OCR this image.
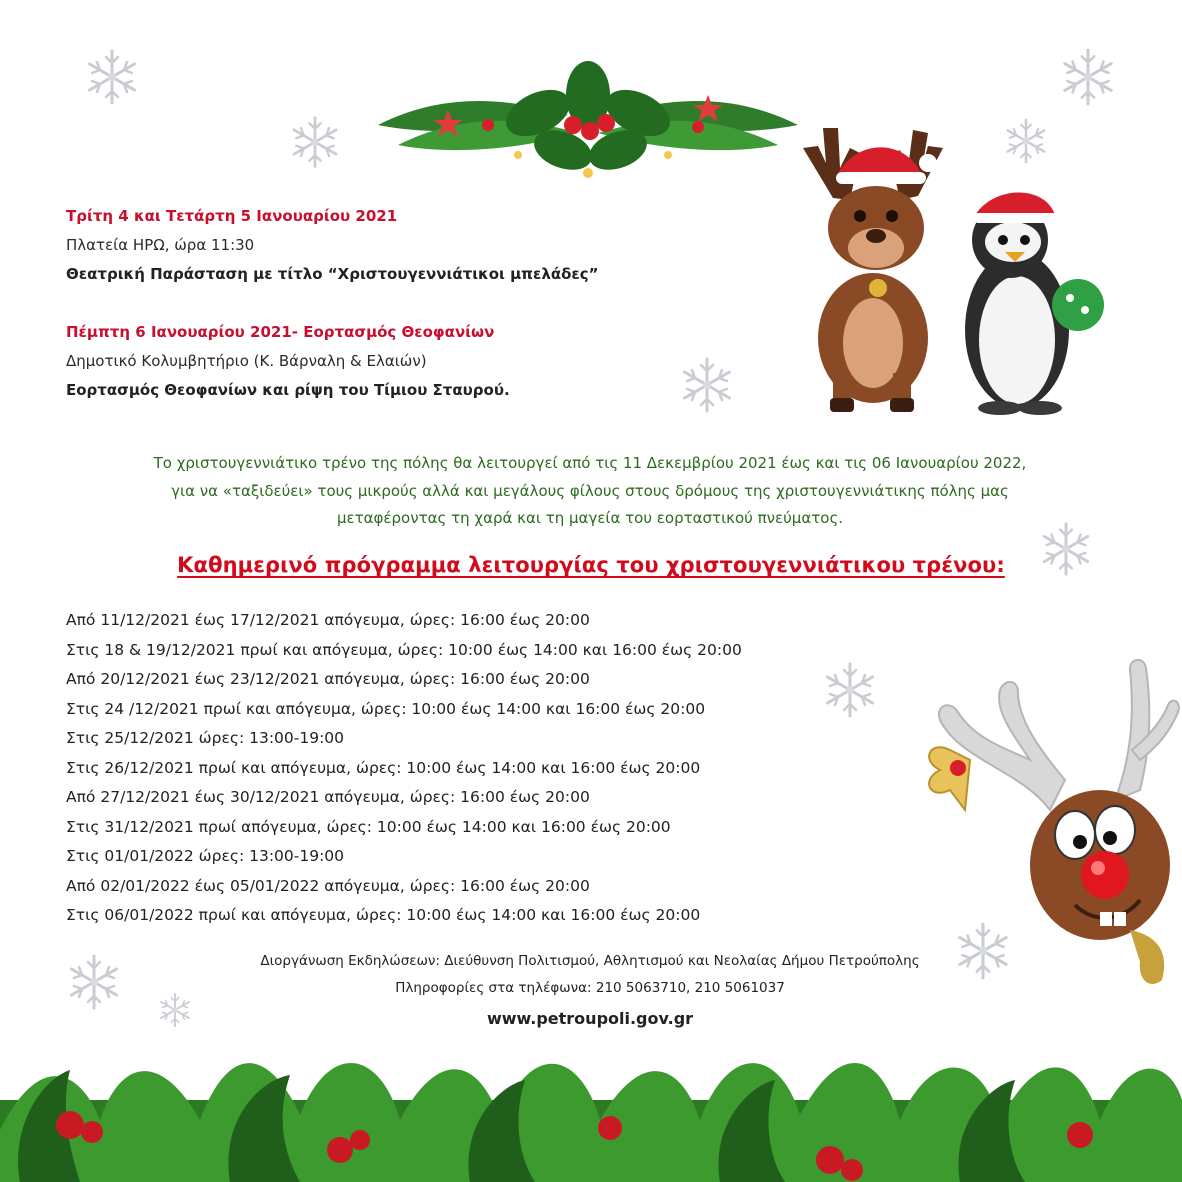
Τρίτη 4 και Τετάρτη 5 Ιανουαρίου 2021
Πλατεία ΗΡΩ, ώρα 11:30
Θεατρική Παράσταση με τίτλο “Χριστουγεννιάτικοι μπελάδες”
Πέμπτη 6 Ιανουαρίου 2021- Εορτασμός Θεοφανίων
Δημοτικό Κολυμβητήριο (Κ. Βάρναλη & Ελαιών)
Εορτασμός Θεοφανίων και ρίψη του Τίμιου Σταυρού.
Το χριστουγεννιάτικο τρένο της πόλης θα λειτουργεί από τις 11 Δεκεμβρίου 2021 έως και τις 06 Ιανουαρίου 2022,
για να «ταξιδεύει» τους μικρούς αλλά και μεγάλους φίλους στους δρόμους της χριστουγεννιάτικης πόλης μας
μεταφέροντας τη χαρά και τη μαγεία του εορταστικού πνεύματος.
Καθημερινό πρόγραμμα λειτουργίας του χριστουγεννιάτικου τρένου:
Από 11/12/2021 έως 17/12/2021 απόγευμα, ώρες: 16:00 έως 20:00
Στις 18 & 19/12/2021 πρωί και απόγευμα, ώρες: 10:00 έως 14:00 και 16:00 έως 20:00
Από 20/12/2021 έως 23/12/2021 απόγευμα, ώρες: 16:00 έως 20:00
Στις 24 /12/2021 πρωί και απόγευμα, ώρες: 10:00 έως 14:00 και 16:00 έως 20:00
Στις 25/12/2021 ώρες: 13:00-19:00
Στις 26/12/2021 πρωί και απόγευμα, ώρες: 10:00 έως 14:00 και 16:00 έως 20:00
Από 27/12/2021 έως 30/12/2021 απόγευμα, ώρες: 16:00 έως 20:00
Στις 31/12/2021 πρωί απόγευμα, ώρες: 10:00 έως 14:00 και 16:00 έως 20:00
Στις 01/01/2022 ώρες: 13:00-19:00
Από 02/01/2022 έως 05/01/2022 απόγευμα, ώρες: 16:00 έως 20:00
Στις 06/01/2022 πρωί και απόγευμα, ώρες: 10:00 έως 14:00 και 16:00 έως 20:00
Διοργάνωση Εκδηλώσεων: Διεύθυνση Πολιτισμού, Αθλητισμού και Νεολαίας Δήμου Πετρούπολης
Πληροφορίες στα τηλέφωνα: 210 5063710, 210 5061037
www.petroupoli.gov.gr
